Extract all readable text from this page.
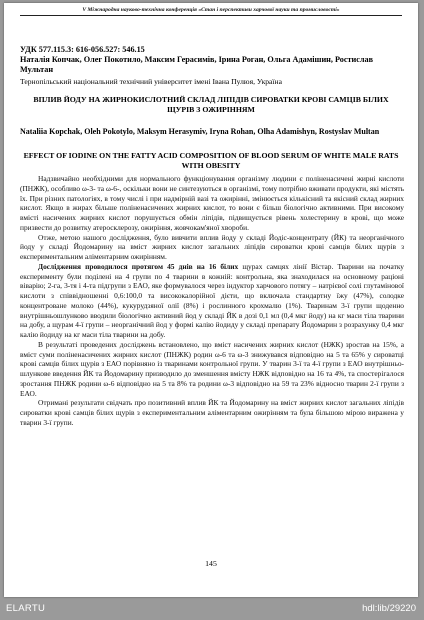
V Міжнародна науково-технічна конференція «Стан і перспективи харчової науки та промисловості»
УДК 577.115.3: 616-056.527: 546.15
Наталія Копчак, Олег Покотило, Максим Герасимів, Ірина Роган, Ольга Адамішин, Ростислав Мультан
Тернопільський національний технічний університет імені Івана Пулюя, Україна
ВПЛИВ ЙОДУ НА ЖИРНОКИСЛОТНИЙ СКЛАД ЛІПІДІВ СИРОВАТКИ КРОВІ САМЦІВ БІЛИХ ЩУРІВ З ОЖИРІННЯМ
Nataliia Kopchak, Oleh Pokotylo, Maksym Herasymiv, Iryna Rohan, Olha Adamishyn, Rostyslav Multan
EFFECT OF IODINE ON THE FATTY ACID COMPOSITION OF BLOOD SERUM OF WHITE MALE RATS WITH OBESITY

Надзвичайно необхідними для нормального функціонування організму людини є поліненасичені жирні кислоти (ПНЖК), особливо ω-3- та ω-6-, оскільки вони не синтезуються в організмі, тому потрібно вживати продукти, які містять їх. При різних патологіях, в тому числі і при надмірній вазі та ожирінні, змінюється кількісний та якісний склад жирних кислот. Якщо в жирах більше поліненасичених жирних кислот, то вони є більш біологічно активними. При високому вмісті насичених жирних кислот порушується обмін ліпідів, підвищується рівень холестерину в крові, що може призвести до розвитку атеросклерозу, ожиріння, жовчокам'яної хвороби.

Отже, метою нашого дослідження, було вивчити вплив йоду у складі Йодіс-концентрату (ЙК) та неорганічного йоду у складі Йодомарину на вміст жирних кислот загальних ліпідів сироватки крові самців білих щурів з експериментальним аліментарним ожирінням.

Дослідження проводилося протягом 45 днів на 16 білих щурах самцях лінії Вістар. Тварини на початку експерименту були поділені на 4 групи по 4 тварини в кожній: контрольна, яка знаходилася на основному раціоні віварію; 2-га, 3-тя і 4-та підгрупи з ЕАО, яке формувалося через індуктор харчового потягу – натрієвої солі глутамінової кислоти з співвідношенні 0,6:100,0 та висококалорійної дієти, що включала стандартну їжу (47%), солодке концентроване молоко (44%), кукурудзяної олії (8%) і рослинного крохмалю (1%). Тваринам 3-ї групи щоденно внутрішньошлунково вводили біологічно активний йод у складі ЙК в дозі 0,1 мл (0,4 мкг йоду) на кг маси тіла тварини на добу, а щурам 4-ї групи – неорганічний йод у формі калію йодиду у складі препарату Йодомарин з розрахунку 0,4 мкг калію йодиду на кг маси тіла тварини на добу.

В результаті проведених досліджень встановлено, що вміст насичених жирних кислот (НЖК) зростав на 15%, а вміст суми поліненасичених жирних кислот (ПНЖК) родин ω-6 та ω-3 знижувався відповідно на 5 та 65% у сироватці крові самців білих щурів з ЕАО порівняно із тваринами контрольної групи. У тварин 3-ї та 4-ї групи з ЕАО внутрішньо-шлункове введення ЙК та Йодомарину призводило до зменшення вмісту НЖК відповідно на 16 та 4%, та спостерігалося зростання ПНЖК родини ω-6 відповідно на 5 та 8% та родини ω-3 відповідно на 59 та 23% відносно тварин 2-ї групи з ЕАО.

Отримані результати свідчать про позитивний вплив ЙК та Йодомарину на вміст жирних кислот загальних ліпідів сироватки крові самців білих щурів з експериментальним аліментарним ожирінням та була більшою мірою виражена у тварин 3-ї групи.

145
ELARTU	hdl:lib/29220
